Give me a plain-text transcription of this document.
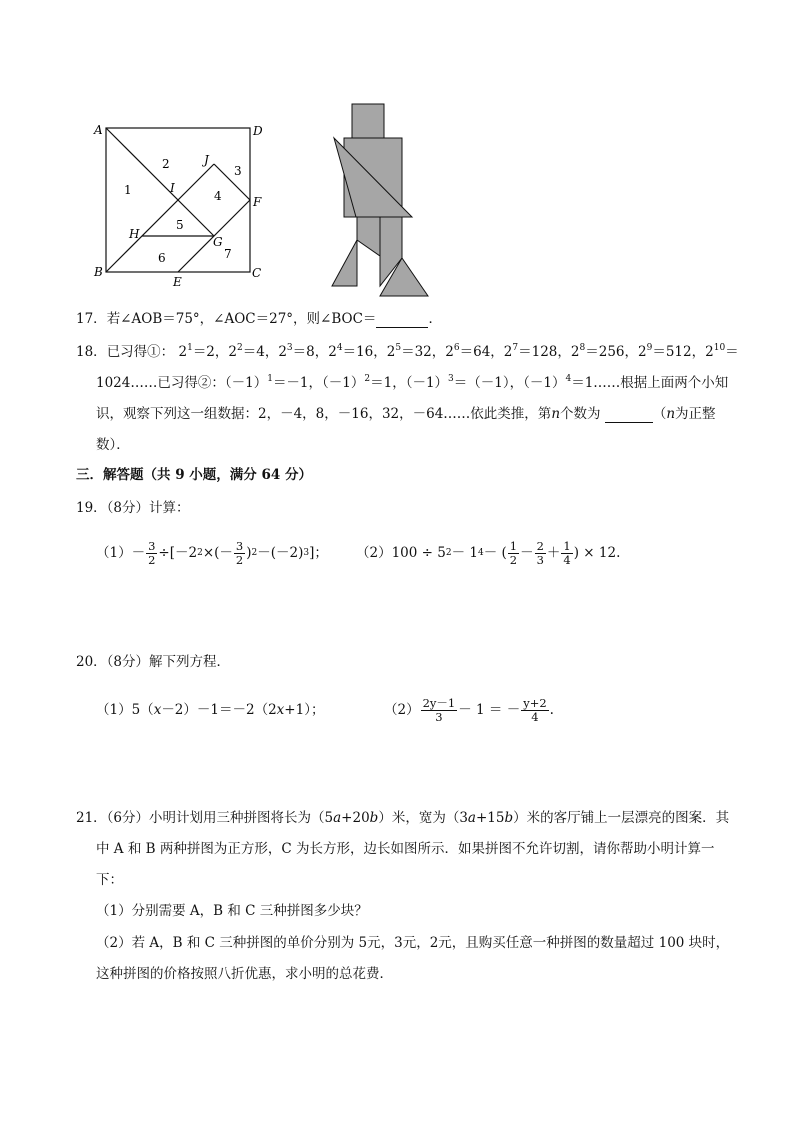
A	D
B	C
E
F
G
H
I
J
1
2	3
4
5
6	7
17．若∠AOB＝75°，∠AOC＝27°，则∠BOC＝	．
18．已习得①： $2^1=2$，$2^2=4$，$2^3=8$，$2^4=16$，$2^5=32$，$2^6=64$，$2^7=128$，$2^8=256$，$2^9=512$，$2^{10}=$
1024……已习得②：$(-1)^1=-1$，$(-1)^2=1$，$(-1)^3=(-1)$，$(-1)^4=1\dots\dots$根据上面两个小知
识，观察下列这一组数据：2，－4，8，－16，32，－64……依此类推，第n个数为	（n为正整
数）．
三．解答题（共 9 小题，满分 64 分）
19．（8分）计算：
$(1) - \frac{3}{2} \div[-2$ 2 ×(－ $\frac{3}{2}$ ) 2 －(－2) 3 ]； （2）100 ÷ 5 2 － 1 4 － ( $\frac{1}{2} - \frac{2}{3} + \frac{1}{4}$ ) × 12.
20．（8分）解下列方程．
（1）5（x－2）－1＝－2（2x+1）；	$(2) \frac{2y-1}{3} - 1$ ＝ － $\frac{y+2}{4}$ .
21．（6分）小明计划用三种拼图将长为（5a+20b）米，宽为（3a+15b）米的客厅铺上一层漂亮的图案．其
中 A 和 B 两种拼图为正方形，C 为长方形，边长如图所示．如果拼图不允许切割，请你帮助小明计算一
下：
（1）分别需要 A，B 和 C 三种拼图多少块？
（2）若 A，B 和 C 三种拼图的单价分别为 5元，3元，2元，且购买任意一种拼图的数量超过 100 块时，
这种拼图的价格按照八折优惠，求小明的总花费．
